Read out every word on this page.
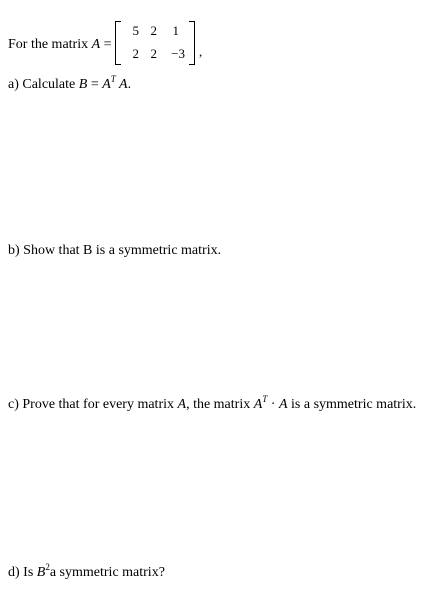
For the matrix A =
5 2	1
2 2	−3 ,
a) Calculate $B = A^T$ A.
b) Show that B is a symmetric matrix.
c) Prove that for every matrix A, the matrix $A^T \cdot A$ is a symmetric matrix.
d) Is $B^2a$ symmetric matrix?
